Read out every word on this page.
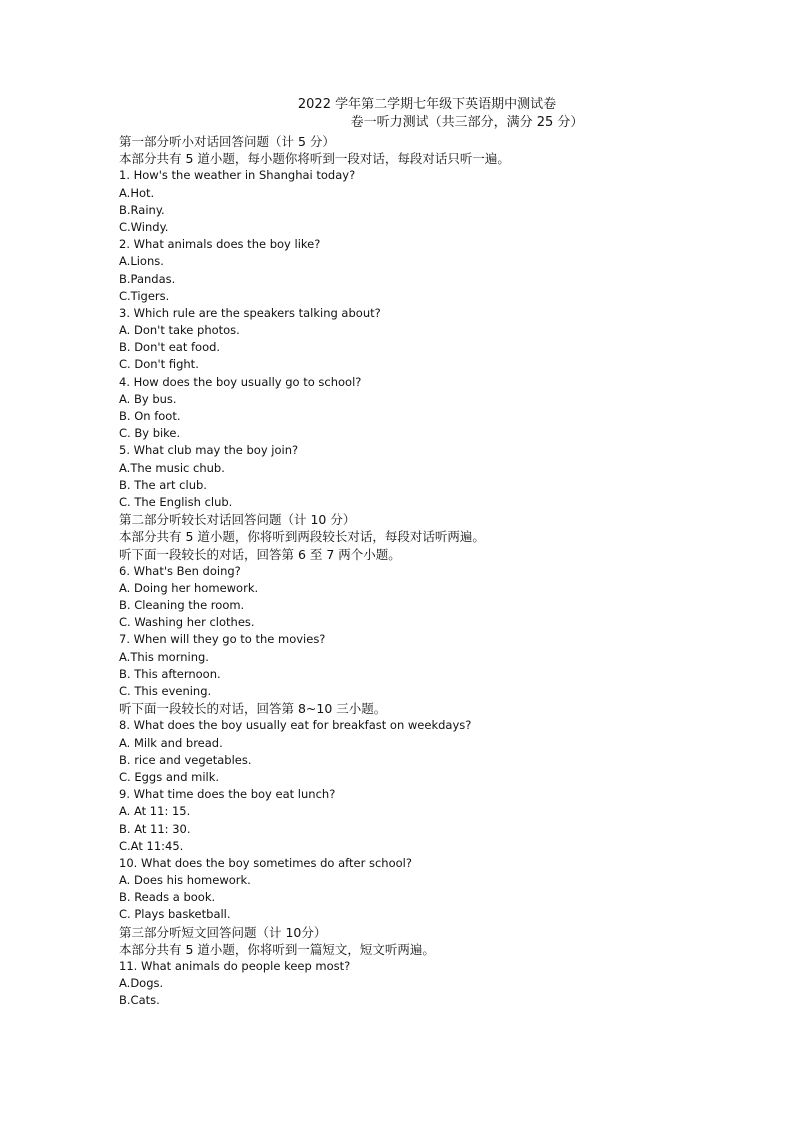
2022 学年第二学期七年级下英语期中测试卷
卷一听力测试（共三部分，满分 25 分）
第一部分听小对话回答问题（计 5 分）
本部分共有 5 道小题，每小题你将听到一段对话，每段对话只听一遍。
1. How's the weather in Shanghai today?
A.Hot.
B.Rainy.
C.Windy.
2. What animals does the boy like?
A.Lions.
B.Pandas.
C.Tigers.
3. Which rule are the speakers talking about?
A. Don't take photos.
B. Don't eat food.
C. Don't fight.
4. How does the boy usually go to school?
A. By bus.
B. On foot.
C. By bike.
5. What club may the boy join?
A.The music chub.
B. The art club.
C. The English club.
第二部分听较长对话回答问题（计 10 分）
本部分共有 5 道小题，你将听到两段较长对话，每段对话听两遍。
听下面一段较长的对话，回答第 6 至 7 两个小题。
6. What's Ben doing?
A. Doing her homework.
B. Cleaning the room.
C. Washing her clothes.
7. When will they go to the movies?
A.This morning.
B. This afternoon.
C. This evening.
听下面一段较长的对话，回答第 8~10 三小题。
8. What does the boy usually eat for breakfast on weekdays?
A. Milk and bread.
B. rice and vegetables.
C. Eggs and milk.
9. What time does the boy eat lunch?
A. At 11: 15.
B. At 11: 30.
C.At 11:45.
10. What does the boy sometimes do after school?
A. Does his homework.
B. Reads a book.
C. Plays basketball.
第三部分听短文回答问题（计 10分）
本部分共有 5 道小题，你将听到一篇短文，短文听两遍。
11. What animals do people keep most?
A.Dogs.
B.Cats.
